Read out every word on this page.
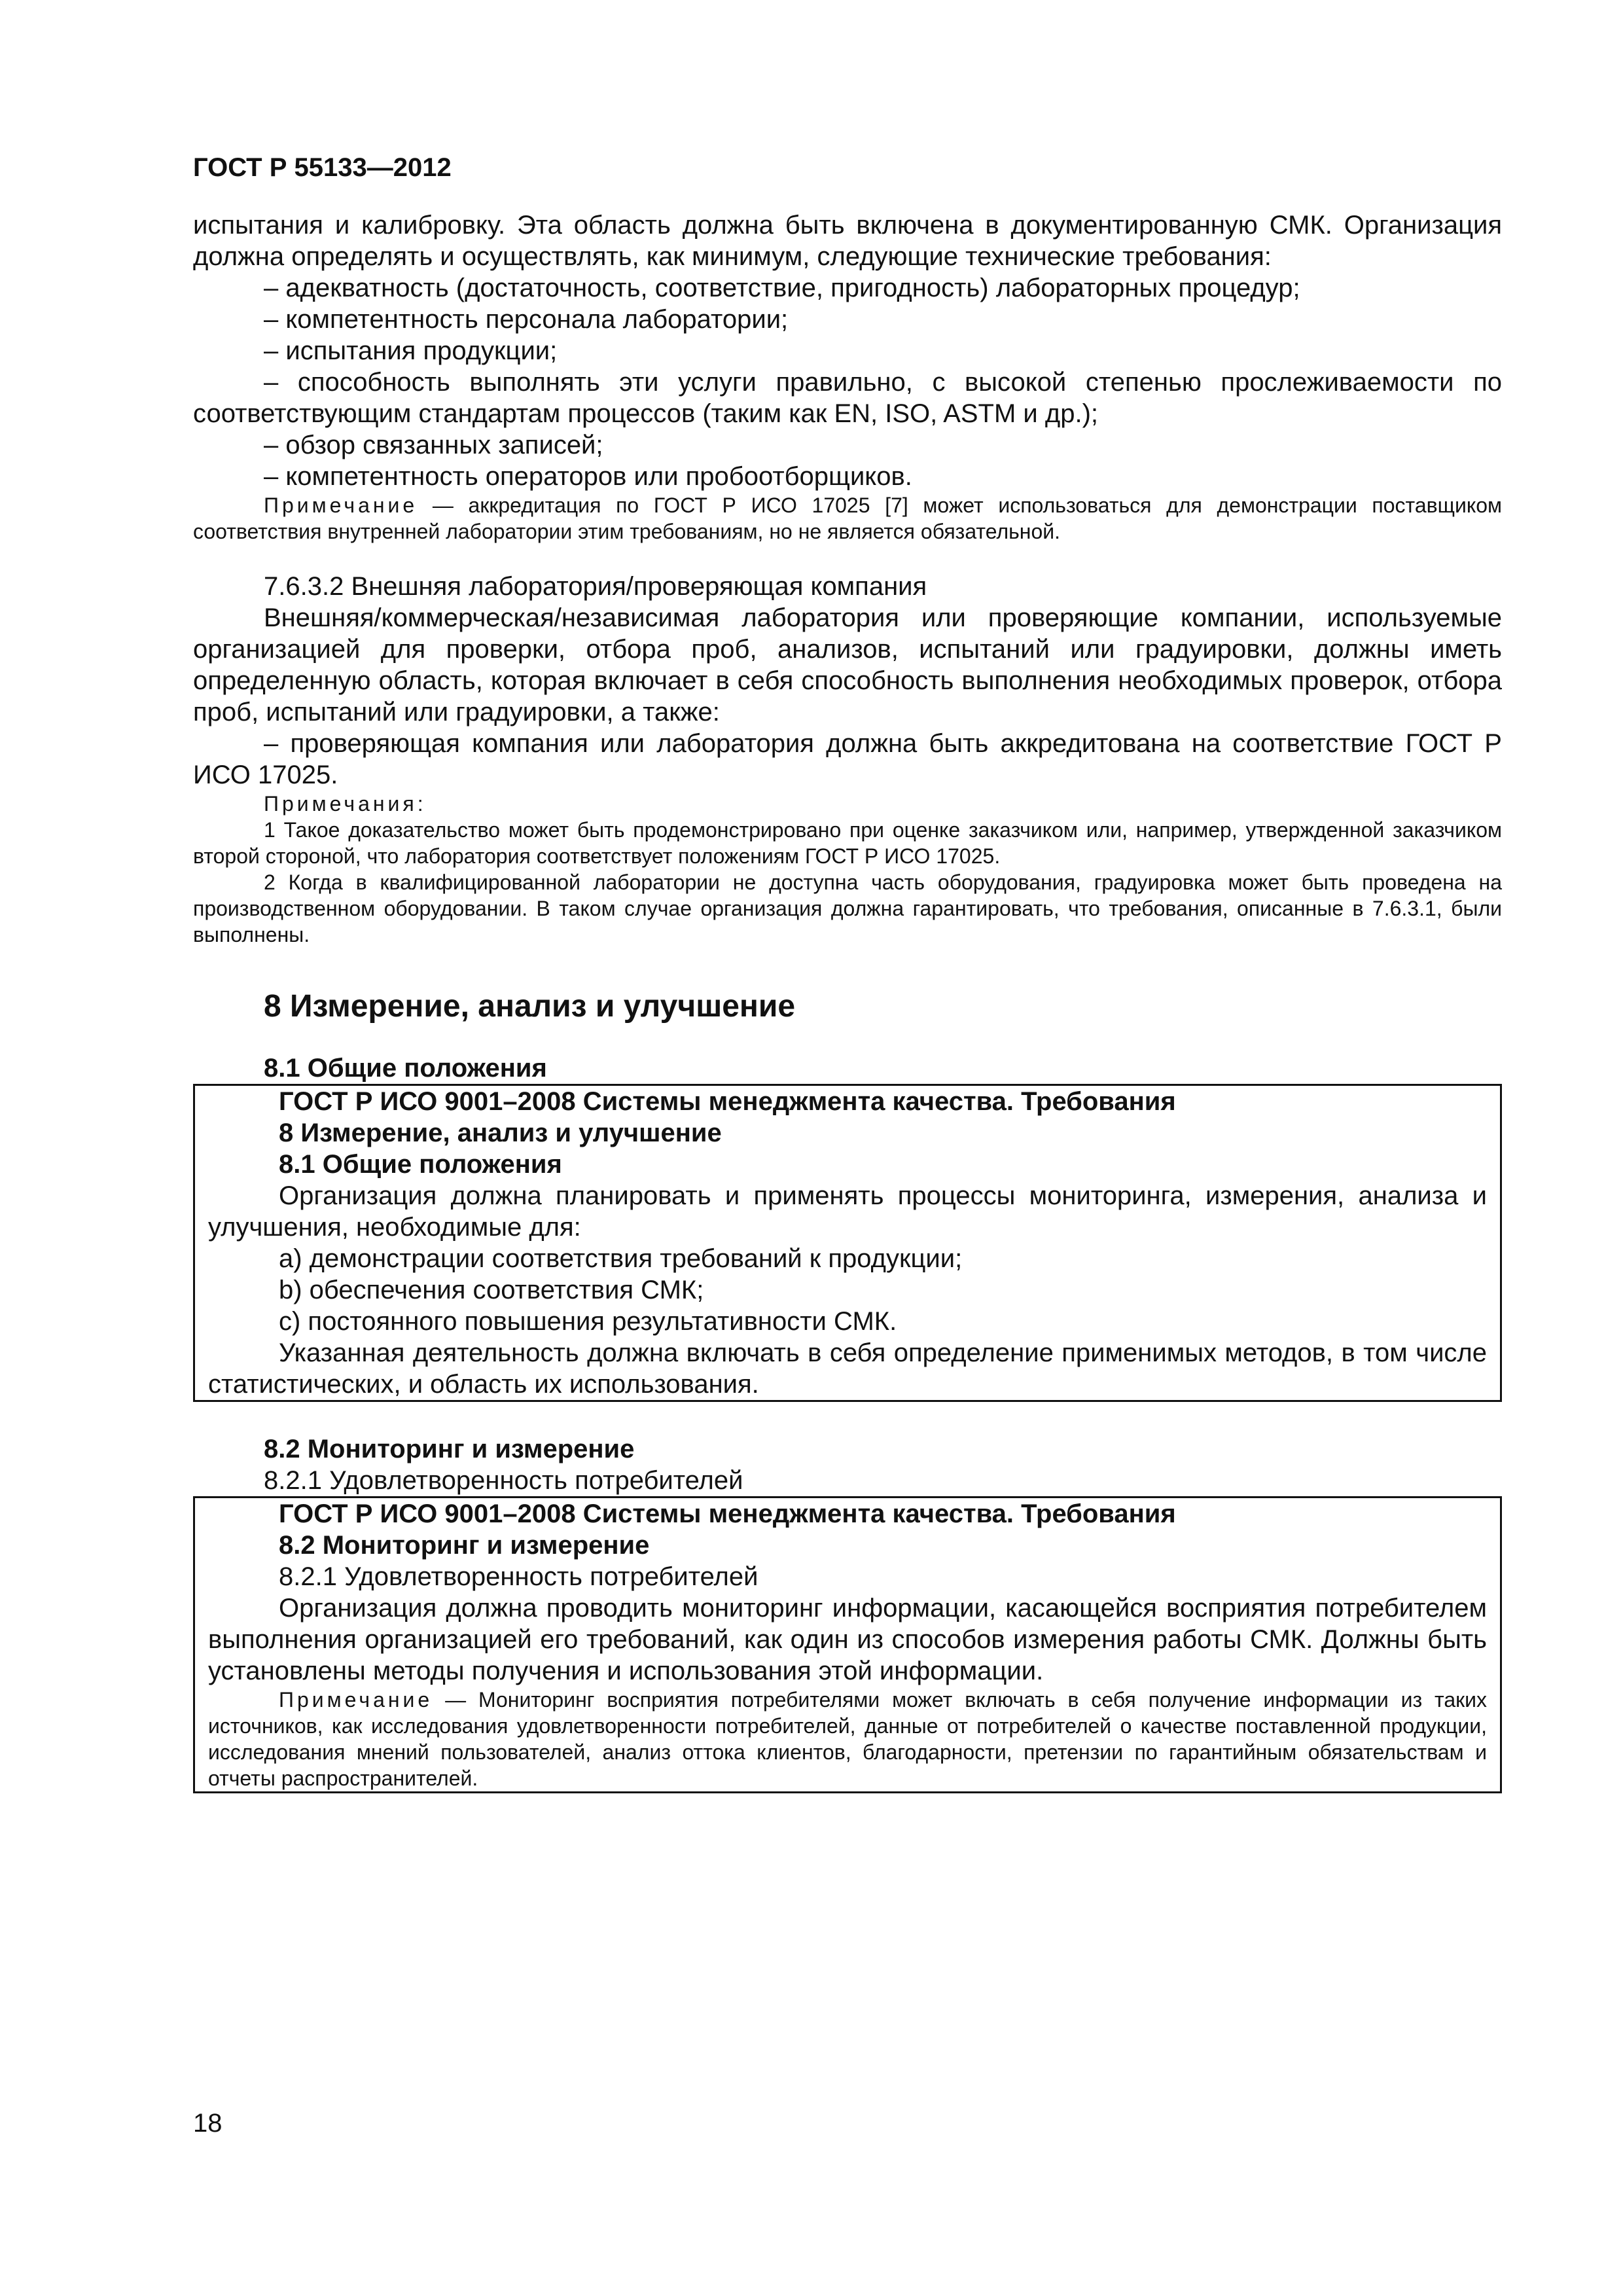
ГОСТ Р 55133—2012

испытания и калибровку. Эта область должна быть включена в документированную СМК. Организация должна определять и осуществлять, как минимум, следующие технические требования:

– адекватность (достаточность, соответствие, пригодность) лабораторных процедур;

– компетентность персонала лаборатории;

– испытания продукции;

– способность выполнять эти услуги правильно, с высокой степенью прослеживаемости по соответствующим стандартам процессов (таким как EN, ISO, ASTM и др.);

– обзор связанных записей;

– компетентность операторов или пробоотборщиков.

Примечание — аккредитация по ГОСТ Р ИСО 17025 [7] может использоваться для демонстрации поставщиком соответствия внутренней лаборатории этим требованиям, но не является обязательной.

7.6.3.2 Внешняя лаборатория/проверяющая компания

Внешняя/коммерческая/независимая лаборатория или проверяющие компании, используемые организацией для проверки, отбора проб, анализов, испытаний или градуировки, должны иметь определенную область, которая включает в себя способность выполнения необходимых проверок, отбора проб, испытаний или градуировки, а также:

– проверяющая компания или лаборатория должна быть аккредитована на соответствие ГОСТ Р ИСО 17025.

Примечания:

1 Такое доказательство может быть продемонстрировано при оценке заказчиком или, например, утвержденной заказчиком второй стороной, что лаборатория соответствует положениям ГОСТ Р ИСО 17025.

2 Когда в квалифицированной лаборатории не доступна часть оборудования, градуировка может быть проведена на производственном оборудовании. В таком случае организация должна гарантировать, что требования, описанные в 7.6.3.1, были выполнены.

8 Измерение, анализ и улучшение

8.1 Общие положения

ГОСТ Р ИСО 9001–2008 Системы менеджмента качества. Требования

8 Измерение, анализ и улучшение

8.1 Общие положения

Организация должна планировать и применять процессы мониторинга, измерения, анализа и улучшения, необходимые для:

а) демонстрации соответствия требований к продукции;

b) обеспечения соответствия СМК;

с) постоянного повышения результативности СМК.

Указанная деятельность должна включать в себя определение применимых методов, в том числе статистических, и область их использования.

8.2 Мониторинг и измерение

8.2.1 Удовлетворенность потребителей

ГОСТ Р ИСО 9001–2008 Системы менеджмента качества. Требования

8.2 Мониторинг и измерение

8.2.1 Удовлетворенность потребителей

Организация должна проводить мониторинг информации, касающейся восприятия потребителем выполнения организацией его требований, как один из способов измерения работы СМК. Должны быть установлены методы получения и использования этой информации.

Примечание — Мониторинг восприятия потребителями может включать в себя получение информации из таких источников, как исследования удовлетворенности потребителей, данные от потребителей о качестве поставленной продукции, исследования мнений пользователей, анализ оттока клиентов, благодарности, претензии по гарантийным обязательствам и отчеты распространителей.

18
